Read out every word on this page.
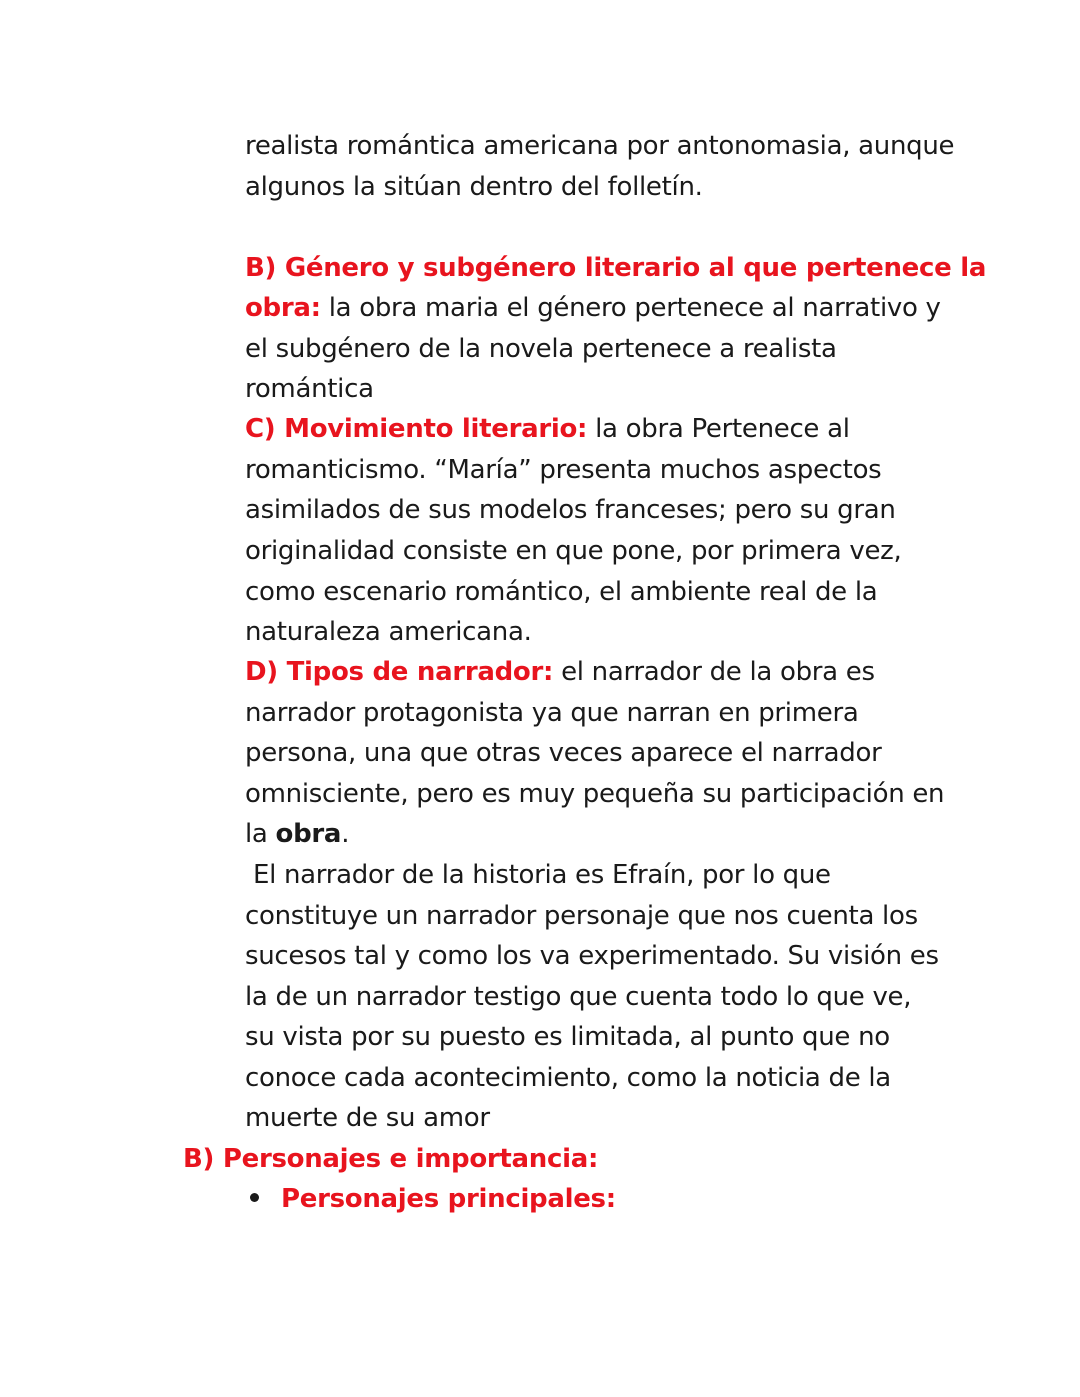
realista romántica americana por antonomasia, aunque
algunos la sitúan dentro del folletín.
B) Género y subgénero literario al que pertenece la
obra: la obra maria el género pertenece al narrativo y
el subgénero de la novela pertenece a realista
romántica
C) Movimiento literario: la obra Pertenece al
romanticismo. “María” presenta muchos aspectos
asimilados de sus modelos franceses; pero su gran
originalidad consiste en que pone, por primera vez,
como escenario romántico, el ambiente real de la
naturaleza americana.
D) Tipos de narrador: el narrador de la obra es
narrador protagonista ya que narran en primera
persona, una que otras veces aparece el narrador
omnisciente, pero es muy pequeña su participación en
la obra.
El narrador de la historia es Efraín, por lo que
constituye un narrador personaje que nos cuenta los
sucesos tal y como los va experimentado. Su visión es
la de un narrador testigo que cuenta todo lo que ve,
su vista por su puesto es limitada, al punto que no
conoce cada acontecimiento, como la noticia de la
muerte de su amor
B) Personajes e importancia:
Personajes principales:
